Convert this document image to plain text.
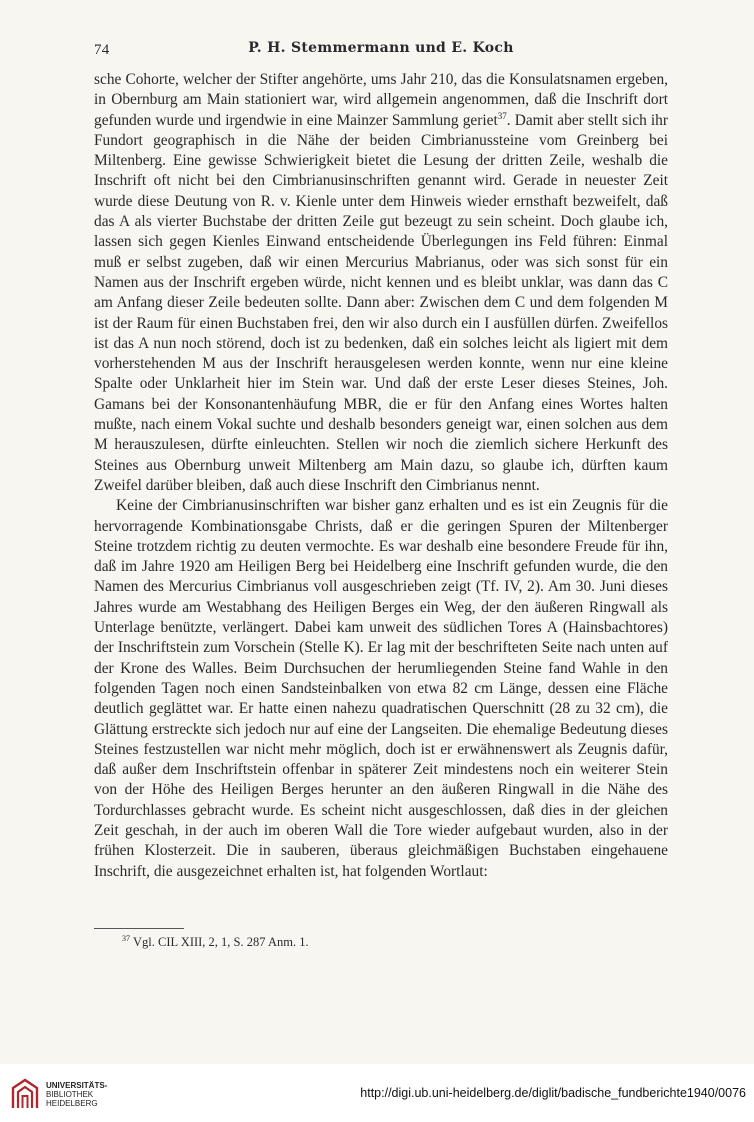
74	P. H. Stemmermann und E. Koch

sche Cohorte, welcher der Stifter angehörte, ums Jahr 210, das die Konsulatsnamen ergeben, in Obernburg am Main stationiert war, wird allgemein angenommen, daß die Inschrift dort gefunden wurde und irgendwie in eine Mainzer Sammlung geriet$^{37}$. Damit aber stellt sich ihr Fundort geographisch in die Nähe der beiden Cimbrianussteine vom Greinberg bei Miltenberg. Eine gewisse Schwierigkeit bietet die Lesung der dritten Zeile, weshalb die Inschrift oft nicht bei den Cimbrianusinschriften genannt wird. Gerade in neuester Zeit wurde diese Deutung von R. v. Kienle unter dem Hinweis wieder ernsthaft bezweifelt, daß das A als vierter Buchstabe der dritten Zeile gut bezeugt zu sein scheint. Doch glaube ich, lassen sich gegen Kienles Einwand entscheidende Überlegungen ins Feld führen: Einmal muß er selbst zugeben, daß wir einen Mercurius Mabrianus, oder was sich sonst für ein Namen aus der Inschrift ergeben würde, nicht kennen und es bleibt unklar, was dann das C am Anfang dieser Zeile bedeuten sollte. Dann aber: Zwischen dem C und dem folgenden M ist der Raum für einen Buchstaben frei, den wir also durch ein I ausfüllen dürfen. Zweifellos ist das A nun noch störend, doch ist zu bedenken, daß ein solches leicht als ligiert mit dem vorherstehenden M aus der Inschrift herausgelesen werden konnte, wenn nur eine kleine Spalte oder Unklarheit hier im Stein war. Und daß der erste Leser dieses Steines, Joh. Gamans bei der Konsonantenhäufung MBR, die er für den Anfang eines Wortes halten mußte, nach einem Vokal suchte und deshalb besonders geneigt war, einen solchen aus dem M herauszulesen, dürfte einleuchten. Stellen wir noch die ziemlich sichere Herkunft des Steines aus Obernburg unweit Miltenberg am Main dazu, so glaube ich, dürften kaum Zweifel darüber bleiben, daß auch diese Inschrift den Cimbrianus nennt.

Keine der Cimbrianusinschriften war bisher ganz erhalten und es ist ein Zeugnis für die hervorragende Kombinationsgabe Christs, daß er die geringen Spuren der Miltenberger Steine trotzdem richtig zu deuten vermochte. Es war deshalb eine besondere Freude für ihn, daß im Jahre 1920 am Heiligen Berg bei Heidelberg eine Inschrift gefunden wurde, die den Namen des Mercurius Cimbrianus voll ausgeschrieben zeigt (Tf. IV, 2). Am 30. Juni dieses Jahres wurde am Westabhang des Heiligen Berges ein Weg, der den äußeren Ringwall als Unterlage benützte, verlängert. Dabei kam unweit des südlichen Tores A (Hainsbachtores) der Inschriftstein zum Vorschein (Stelle K). Er lag mit der beschrifteten Seite nach unten auf der Krone des Walles. Beim Durchsuchen der herumliegenden Steine fand Wahle in den folgenden Tagen noch einen Sandsteinbalken von etwa 82 cm Länge, dessen eine Fläche deutlich geglättet war. Er hatte einen nahezu quadratischen Querschnitt (28 zu 32 cm), die Glättung erstreckte sich jedoch nur auf eine der Langseiten. Die ehemalige Bedeutung dieses Steines festzustellen war nicht mehr möglich, doch ist er erwähnenswert als Zeugnis dafür, daß außer dem Inschriftstein offenbar in späterer Zeit mindestens noch ein weiterer Stein von der Höhe des Heiligen Berges herunter an den äußeren Ringwall in die Nähe des Tordurchlasses gebracht wurde. Es scheint nicht ausgeschlossen, daß dies in der gleichen Zeit geschah, in der auch im oberen Wall die Tore wieder aufgebaut wurden, also in der frühen Klosterzeit. Die in sauberen, überaus gleichmäßigen Buchstaben eingehauene Inschrift, die ausgezeichnet erhalten ist, hat folgenden Wortlaut:

$^{37}$ Vgl. CIL XIII, 2, 1, S. 287 Anm. 1.
UNIVERSITÄTS-
BIBLIOTHEK
HEIDELBERG
http://digi.ub.uni-heidelberg.de/diglit/badische_fundberichte1940/0076
